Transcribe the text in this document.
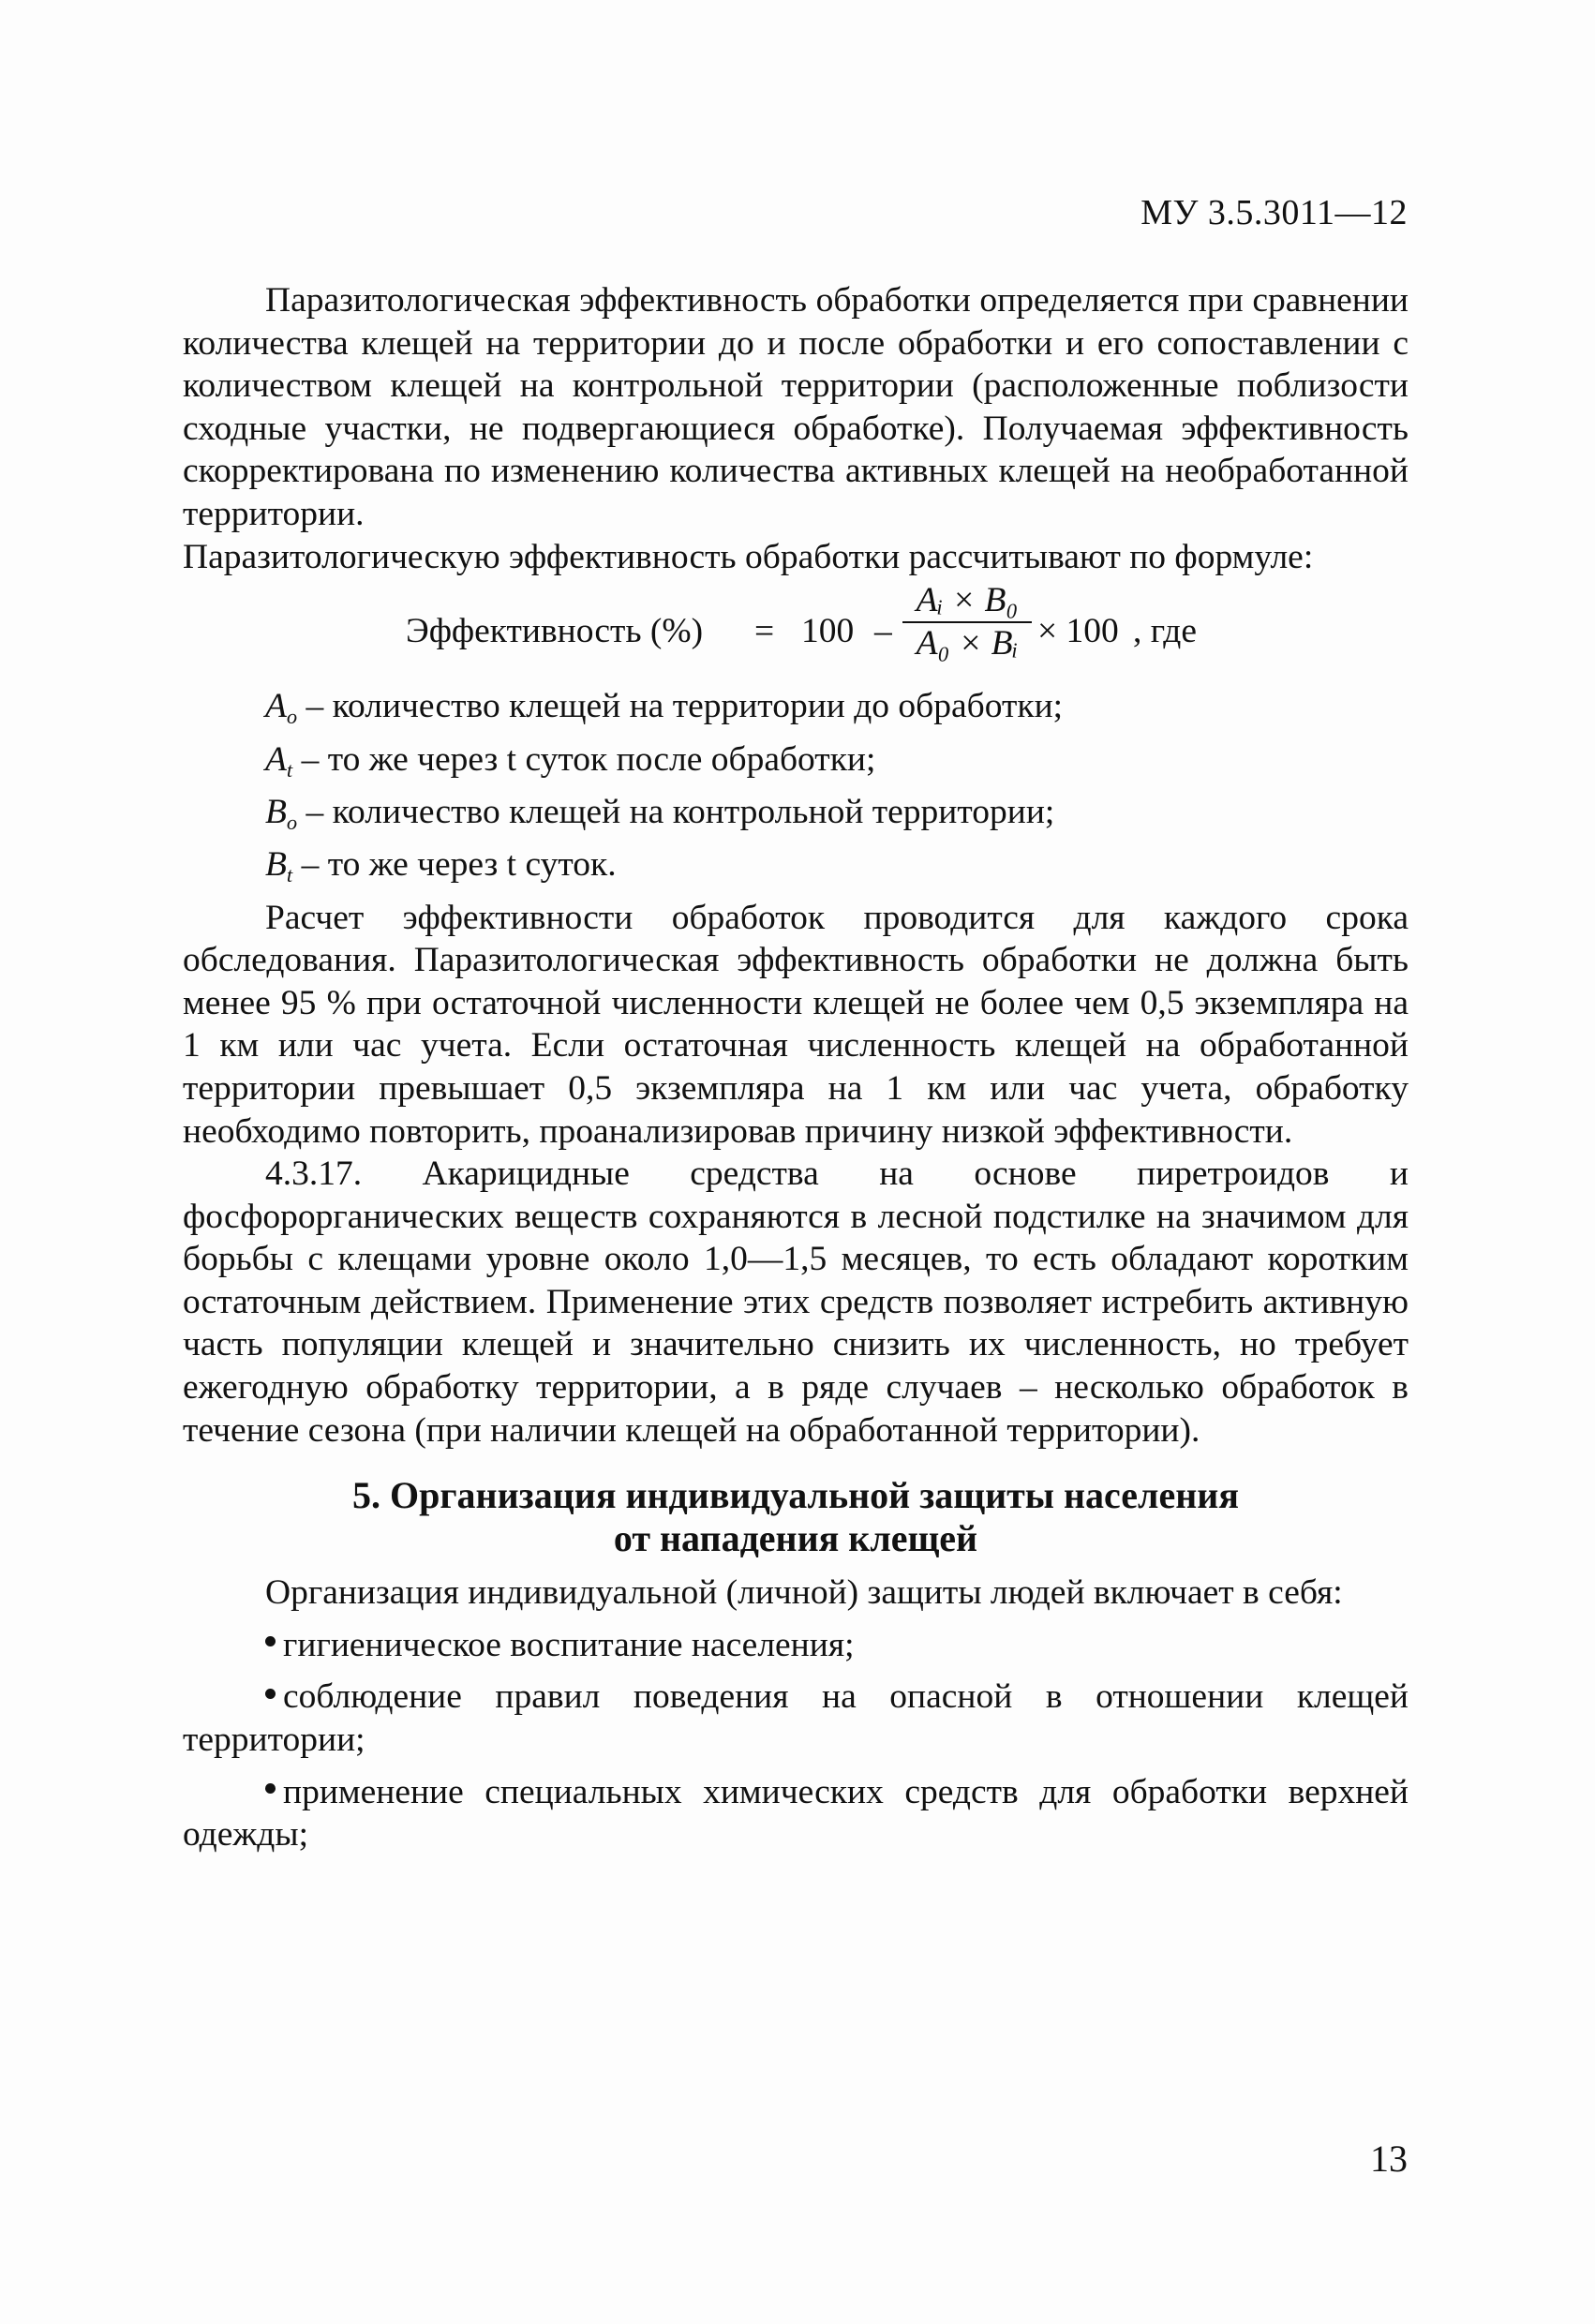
МУ 3.5.3011—12

Паразитологическая эффективность обработки определяется при сравнении количества клещей на территории до и после обработки и его сопоставлении с количеством клещей на контрольной территории (расположенные поблизости сходные участки, не подвергающиеся обработке). Получаемая эффективность скорректирована по изменению количества активных клещей на необработанной территории.

Паразитологическую эффективность обработки рассчитывают по формуле:

Эффективность (%) = 100 –
Aᵢ × B₀
A₀ × Bᵢ × 100 , где

$A_o$ – количество клещей на территории до обработки;

$A_t$ – то же через t суток после обработки;

$B_o$ – количество клещей на контрольной территории;

$B_t$ – то же через t суток.

Расчет эффективности обработок проводится для каждого срока обследования. Паразитологическая эффективность обработки не должна быть менее 95 % при остаточной численности клещей не более чем 0,5 экземпляра на 1 км или час учета. Если остаточная численность клещей на обработанной территории превышает 0,5 экземпляра на 1 км или час учета, обработку необходимо повторить, проанализировав причину низкой эффективности.

4.3.17. Акарицидные средства на основе пиретроидов и фосфорорганических веществ сохраняются в лесной подстилке на значимом для борьбы с клещами уровне около 1,0—1,5 месяцев, то есть обладают коротким остаточным действием. Применение этих средств позволяет истребить активную часть популяции клещей и значительно снизить их численность, но требует ежегодную обработку территории, а в ряде случаев – несколько обработок в течение сезона (при наличии клещей на обработанной территории).

5. Организация индивидуальной защиты населения
от нападения клещей

Организация индивидуальной (личной) защиты людей включает в себя:

гигиеническое воспитание населения;

соблюдение правил поведения на опасной в отношении клещей территории;

применение специальных химических средств для обработки верхней одежды;

13
